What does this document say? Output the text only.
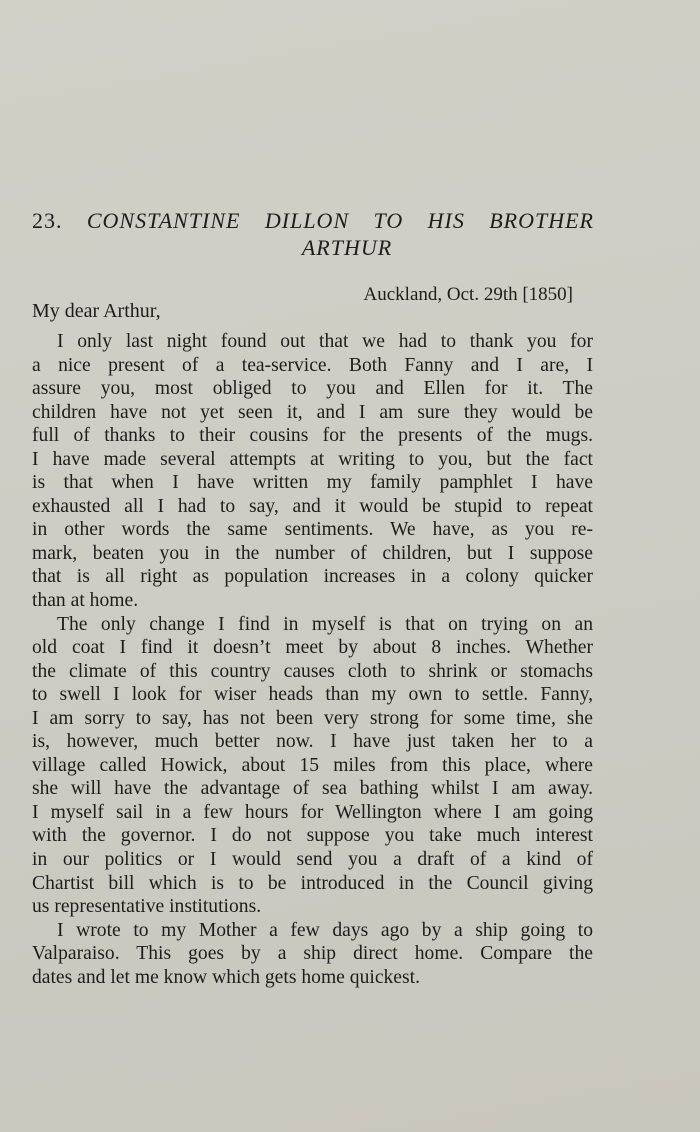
23. CONSTANTINE DILLON TO HIS BROTHER
ARTHUR
Auckland, Oct. 29th [1850]
My dear Arthur,
I only last night found out that we had to thank you for
a nice present of a tea-service. Both Fanny and I are, I
assure you, most obliged to you and Ellen for it. The
children have not yet seen it, and I am sure they would be
full of thanks to their cousins for the presents of the mugs.
I have made several attempts at writing to you, but the fact
is that when I have written my family pamphlet I have
exhausted all I had to say, and it would be stupid to repeat
in other words the same sentiments. We have, as you re-
mark, beaten you in the number of children, but I suppose
that is all right as population increases in a colony quicker
than at home.
The only change I find in myself is that on trying on an
old coat I find it doesn’t meet by about 8 inches. Whether
the climate of this country causes cloth to shrink or stomachs
to swell I look for wiser heads than my own to settle. Fanny,
I am sorry to say, has not been very strong for some time, she
is, however, much better now. I have just taken her to a
village called Howick, about 15 miles from this place, where
she will have the advantage of sea bathing whilst I am away.
I myself sail in a few hours for Wellington where I am going
with the governor. I do not suppose you take much interest
in our politics or I would send you a draft of a kind of
Chartist bill which is to be introduced in the Council giving
us representative institutions.
I wrote to my Mother a few days ago by a ship going to
Valparaiso. This goes by a ship direct home. Compare the
dates and let me know which gets home quickest.
